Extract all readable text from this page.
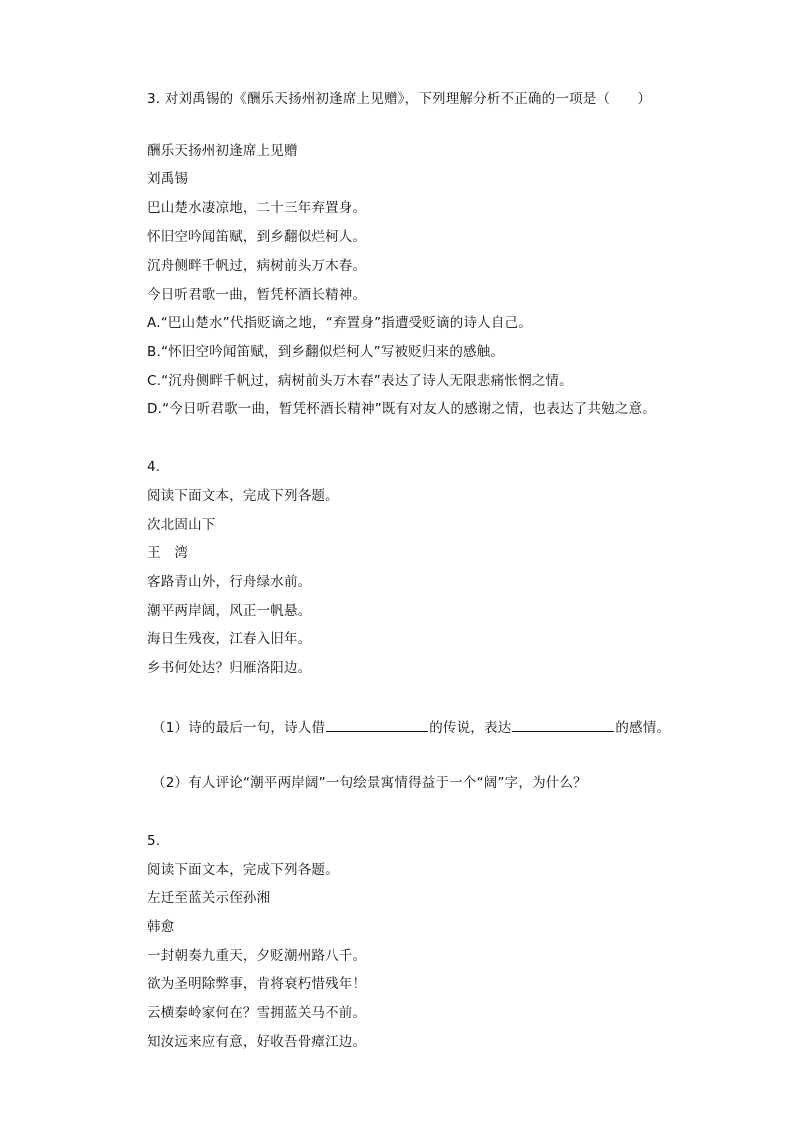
3. 对刘禹锡的《酬乐天扬州初逢席上见赠》，下列理解分析不正确的一项是（　　）
酬乐天扬州初逢席上见赠
刘禹锡
巴山楚水凄凉地，二十三年弃置身。
怀旧空吟闻笛赋，到乡翻似烂柯人。
沉舟侧畔千帆过，病树前头万木春。
今日听君歌一曲，暂凭杯酒长精神。
A.“巴山楚水”代指贬谪之地，“弃置身”指遭受贬谪的诗人自己。
B.“怀旧空吟闻笛赋，到乡翻似烂柯人”写被贬归来的感触。
C.“沉舟侧畔千帆过，病树前头万木春”表达了诗人无限悲痛怅惘之情。
D.“今日听君歌一曲，暂凭杯酒长精神”既有对友人的感谢之情，也表达了共勉之意。
4.
阅读下面文本，完成下列各题。
次北固山下
王　湾
客路青山外，行舟绿水前。
潮平两岸阔，风正一帆悬。
海日生残夜，江春入旧年。
乡书何处达？归雁洛阳边。
（1）诗的最后一句，诗人借	的传说，表达	的感情。
（2）有人评论“潮平两岸阔”一句绘景寓情得益于一个“阔”字，为什么？
5.
阅读下面文本，完成下列各题。
左迁至蓝关示侄孙湘
韩愈
一封朝奏九重天，夕贬潮州路八千。
欲为圣明除弊事，肯将衰朽惜残年！
云横秦岭家何在？雪拥蓝关马不前。
知汝远来应有意，好收吾骨瘴江边。
